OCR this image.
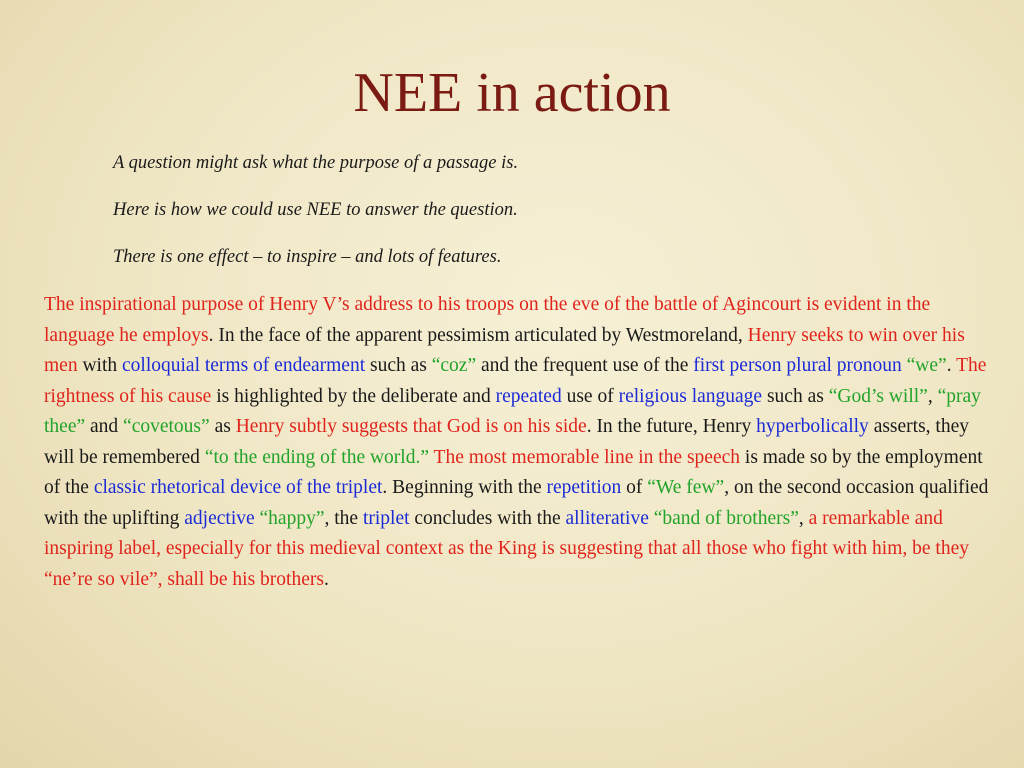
NEE in action

A question might ask what the purpose of a passage is.

Here is how we could use NEE to answer the question.

There is one effect – to inspire – and lots of features.

The inspirational purpose of Henry V’s address to his troops on the eve of the battle of Agincourt is evident in the language he employs. In the face of the apparent pessimism articulated by Westmoreland, Henry seeks to win over his men with colloquial terms of endearment such as “coz” and the frequent use of the first person plural pronoun “we”. The rightness of his cause is highlighted by the deliberate and repeated use of religious language such as “God’s will”, “pray thee” and “covetous” as Henry subtly suggests that God is on his side. In the future, Henry hyperbolically asserts, they will be remembered “to the ending of the world.” The most memorable line in the speech is made so by the employment of the classic rhetorical device of the triplet. Beginning with the repetition of “We few”, on the second occasion qualified with the uplifting adjective “happy”, the triplet concludes with the alliterative “band of brothers”, a remarkable and inspiring label, especially for this medieval context as the King is suggesting that all those who fight with him, be they “ne’re so vile”, shall be his brothers.
